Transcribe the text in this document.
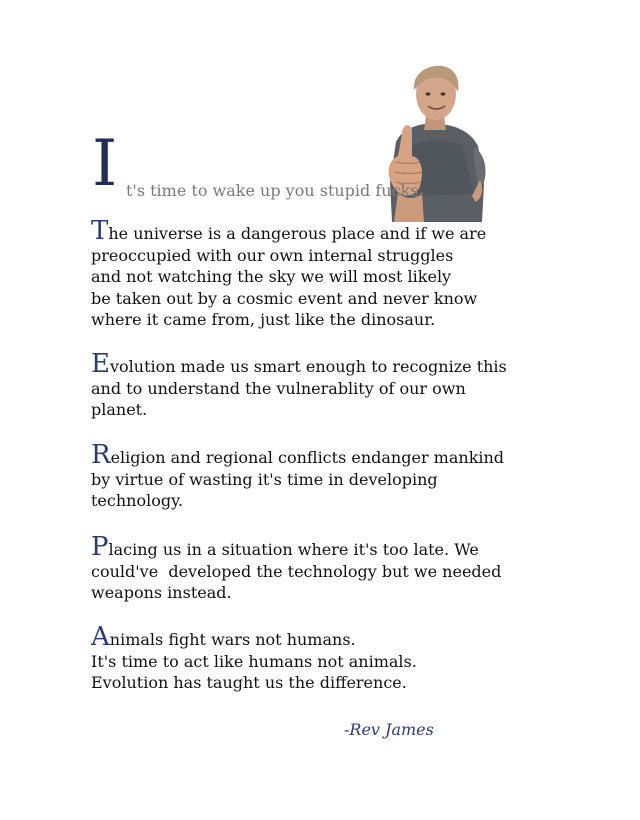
I t's time to wake up you stupid fucks.
The universe is a dangerous place and if we are
preoccupied with our own internal struggles
and not watching the sky we will most likely
be taken out by a cosmic event and never know
where it came from, just like the dinosaur.
Evolution made us smart enough to recognize this
and to understand the vulnerablity of our own
planet.
Religion and regional conflicts endanger mankind
by virtue of wasting it's time in developing
technology.
Placing us in a situation where it's too late. We
could've  developed the technology but we needed
weapons instead.
Animals fight wars not humans.
It's time to act like humans not animals.
Evolution has taught us the difference.
-Rev James
